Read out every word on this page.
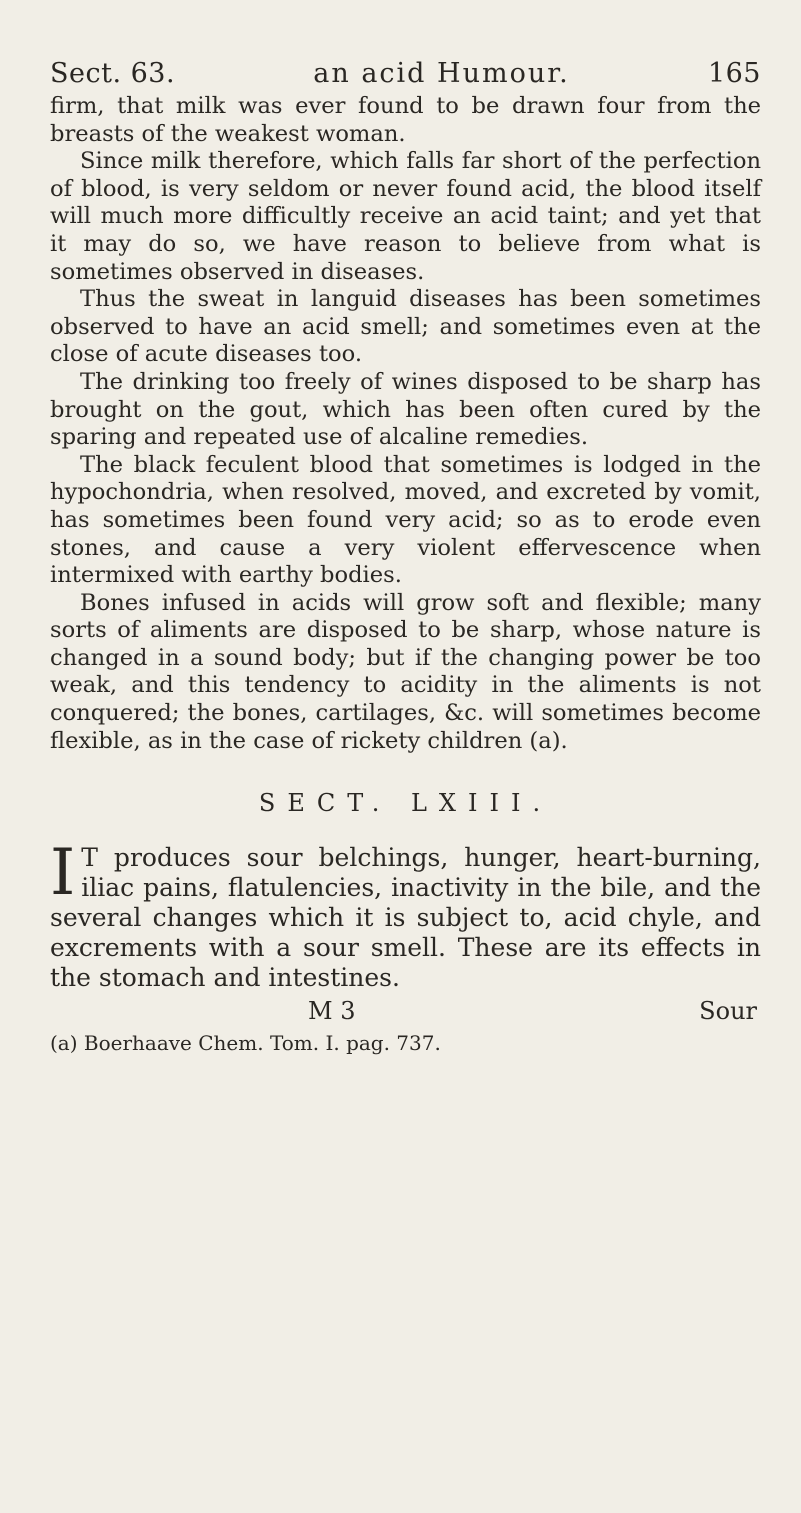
Sect. 63.	an acid Humour.	165

firm, that milk was ever found to be drawn four from the breasts of the weakest woman.

Since milk therefore, which falls far short of the perfection of blood, is very seldom or never found acid, the blood itself will much more difficultly receive an acid taint; and yet that it may do so, we have reason to believe from what is sometimes observed in diseases.

Thus the sweat in languid diseases has been sometimes observed to have an acid smell; and sometimes even at the close of acute diseases too.

The drinking too freely of wines disposed to be sharp has brought on the gout, which has been often cured by the sparing and repeated use of alcaline remedies.

The black feculent blood that sometimes is lodged in the hypochondria, when resolved, moved, and excreted by vomit, has sometimes been found very acid; so as to erode even stones, and cause a very violent effervescence when intermixed with earthy bodies.

Bones infused in acids will grow soft and flexible; many sorts of aliments are disposed to be sharp, whose nature is changed in a sound body; but if the changing power be too weak, and this tendency to acidity in the aliments is not conquered; the bones, cartilages, &c. will sometimes become flexible, as in the case of rickety children (a).

SECT. LXIII.

I T produces sour belchings, hunger, heart-burning, iliac pains, flatulencies, inactivity in the bile, and the several changes which it is subject to, acid chyle, and excrements with a sour smell. These are its effects in the stomach and intestines.

M 3	Sour
(a) Boerhaave Chem. Tom. I. pag. 737.
